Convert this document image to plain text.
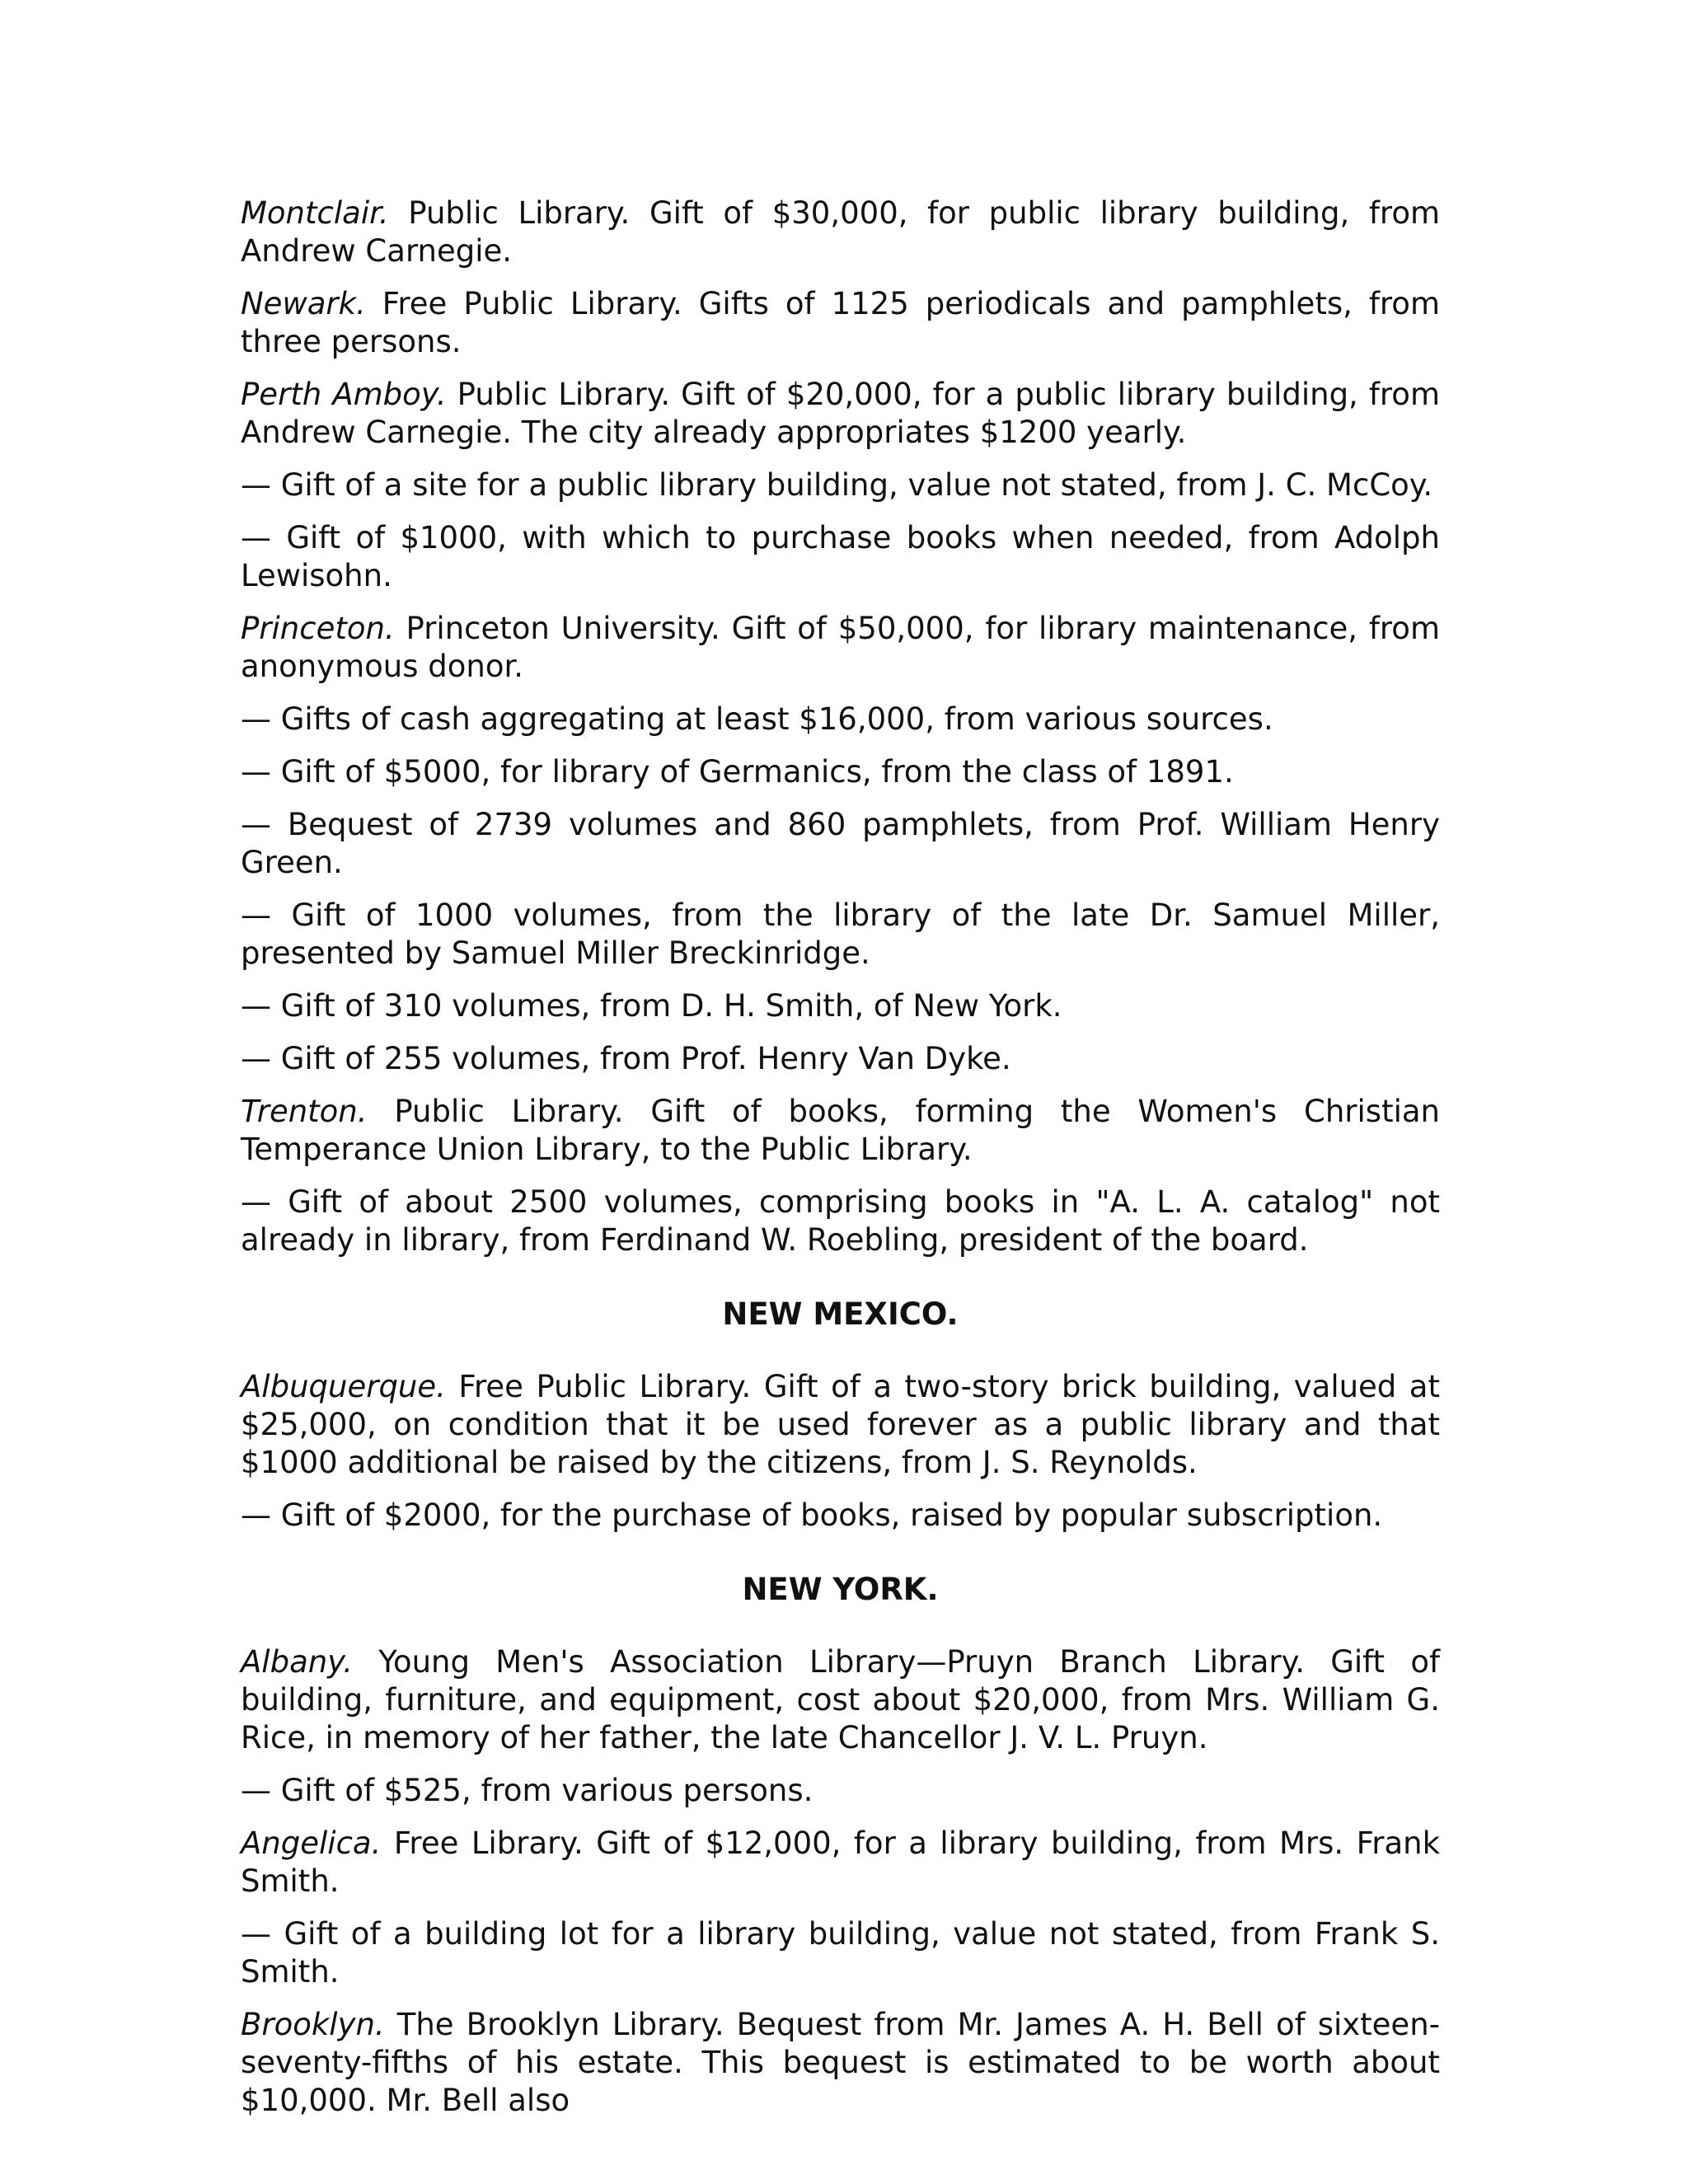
Montclair. Public Library. Gift of $30,000, for public library building, from Andrew Carnegie.

Newark. Free Public Library. Gifts of 1125 periodicals and pamphlets, from three persons.

Perth Amboy. Public Library. Gift of $20,000, for a public library building, from Andrew Carnegie. The city already appropriates $1200 yearly.

— Gift of a site for a public library building, value not stated, from J. C. McCoy.

— Gift of $1000, with which to purchase books when needed, from Adolph Lewisohn.

Princeton. Princeton University. Gift of $50,000, for library maintenance, from anonymous donor.

— Gifts of cash aggregating at least $16,000, from various sources.

— Gift of $5000, for library of Germanics, from the class of 1891.

— Bequest of 2739 volumes and 860 pamphlets, from Prof. William Henry Green.

— Gift of 1000 volumes, from the library of the late Dr. Samuel Miller, presented by Samuel Miller Breckinridge.

— Gift of 310 volumes, from D. H. Smith, of New York.

— Gift of 255 volumes, from Prof. Henry Van Dyke.

Trenton. Public Library. Gift of books, forming the Women's Christian Temperance Union Library, to the Public Library.

— Gift of about 2500 volumes, comprising books in "A. L. A. catalog" not already in library, from Ferdinand W. Roebling, president of the board.

NEW MEXICO.

Albuquerque. Free Public Library. Gift of a two-story brick building, valued at $25,000, on condition that it be used forever as a public library and that $1000 additional be raised by the citizens, from J. S. Reynolds.

— Gift of $2000, for the purchase of books, raised by popular subscription.

NEW YORK.

Albany. Young Men's Association Library—Pruyn Branch Library. Gift of building, furniture, and equipment, cost about $20,000, from Mrs. William G. Rice, in memory of her father, the late Chancellor J. V. L. Pruyn.

— Gift of $525, from various persons.

Angelica. Free Library. Gift of $12,000, for a library building, from Mrs. Frank Smith.

— Gift of a building lot for a library building, value not stated, from Frank S. Smith.

Brooklyn. The Brooklyn Library. Bequest from Mr. James A. H. Bell of sixteen-seventy-fifths of his estate. This bequest is estimated to be worth about $10,000. Mr. Bell also
